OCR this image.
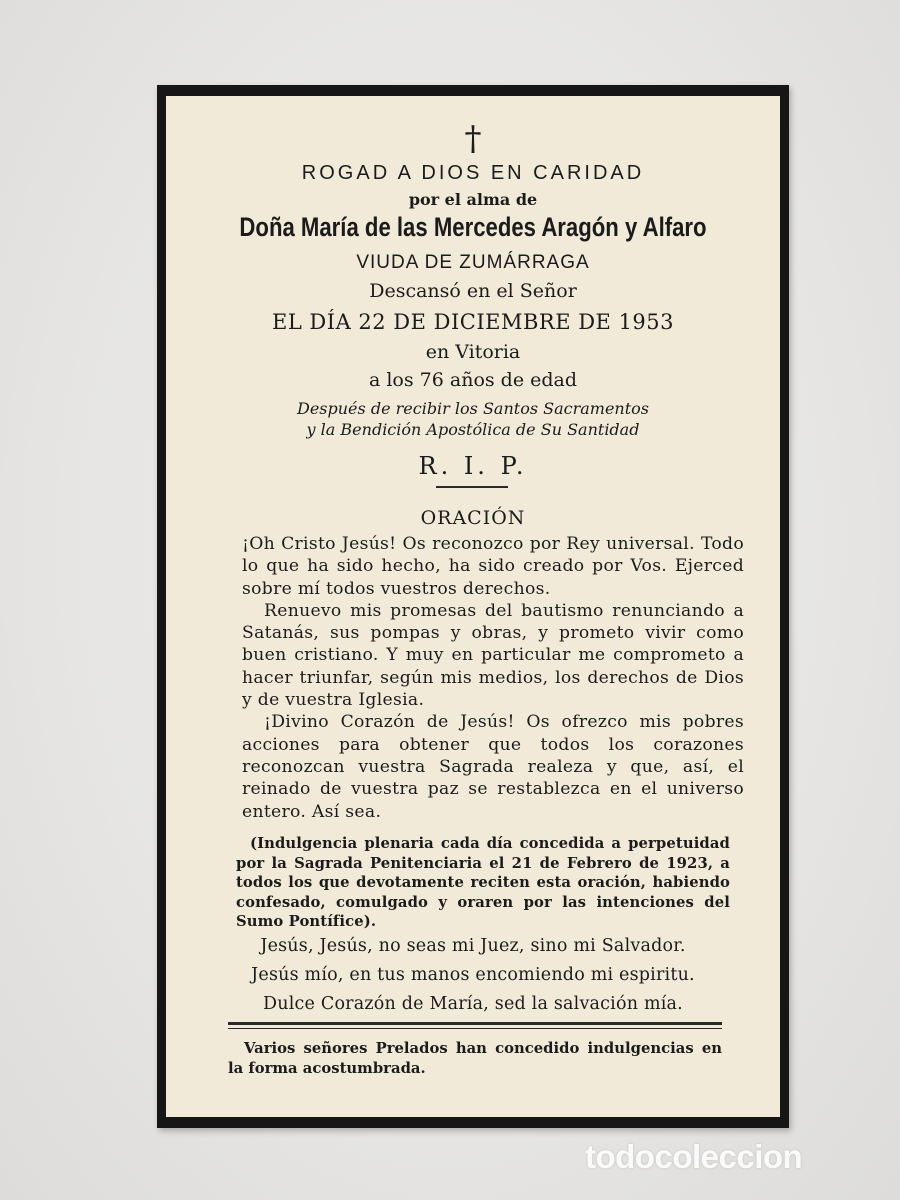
†
ROGAD A DIOS EN CARIDAD
por el alma de
Doña María de las Mercedes Aragón y Alfaro
VIUDA DE ZUMÁRRAGA
Descansó en el Señor
EL DÍA 22 DE DICIEMBRE DE 1953
en Vitoria
a los 76 años de edad
Después de recibir los Santos Sacramentos
y la Bendición Apostólica de Su Santidad
R. I. P.
ORACIÓN

¡Oh Cristo Jesús! Os reconozco por Rey universal. Todo lo que ha sido hecho, ha sido creado por Vos. Ejerced sobre mí todos vuestros derechos.

Renuevo mis promesas del bautismo renunciando a Satanás, sus pompas y obras, y prometo vivir como buen cristiano. Y muy en particular me comprometo a hacer triunfar, según mis medios, los derechos de Dios y de vuestra Iglesia.

¡Divino Corazón de Jesús! Os ofrezco mis pobres acciones para obtener que todos los corazones reconozcan vuestra Sagrada realeza y que, así, el reinado de vuestra paz se restablezca en el universo entero. Así sea.

(Indulgencia plenaria cada día concedida a perpetuidad por la Sagrada Penitenciaria el 21 de Febrero de 1923, a todos los que devotamente reciten esta oración, habiendo confesado, comulgado y oraren por las intenciones del Sumo Pontífice).

Jesús, Jesús, no seas mi Juez, sino mi Salvador.
Jesús mío, en tus manos encomiendo mi espiritu.
Dulce Corazón de María, sed la salvación mía.

Varios señores Prelados han concedido indulgencias en la forma acostumbrada.

todocoleccion
